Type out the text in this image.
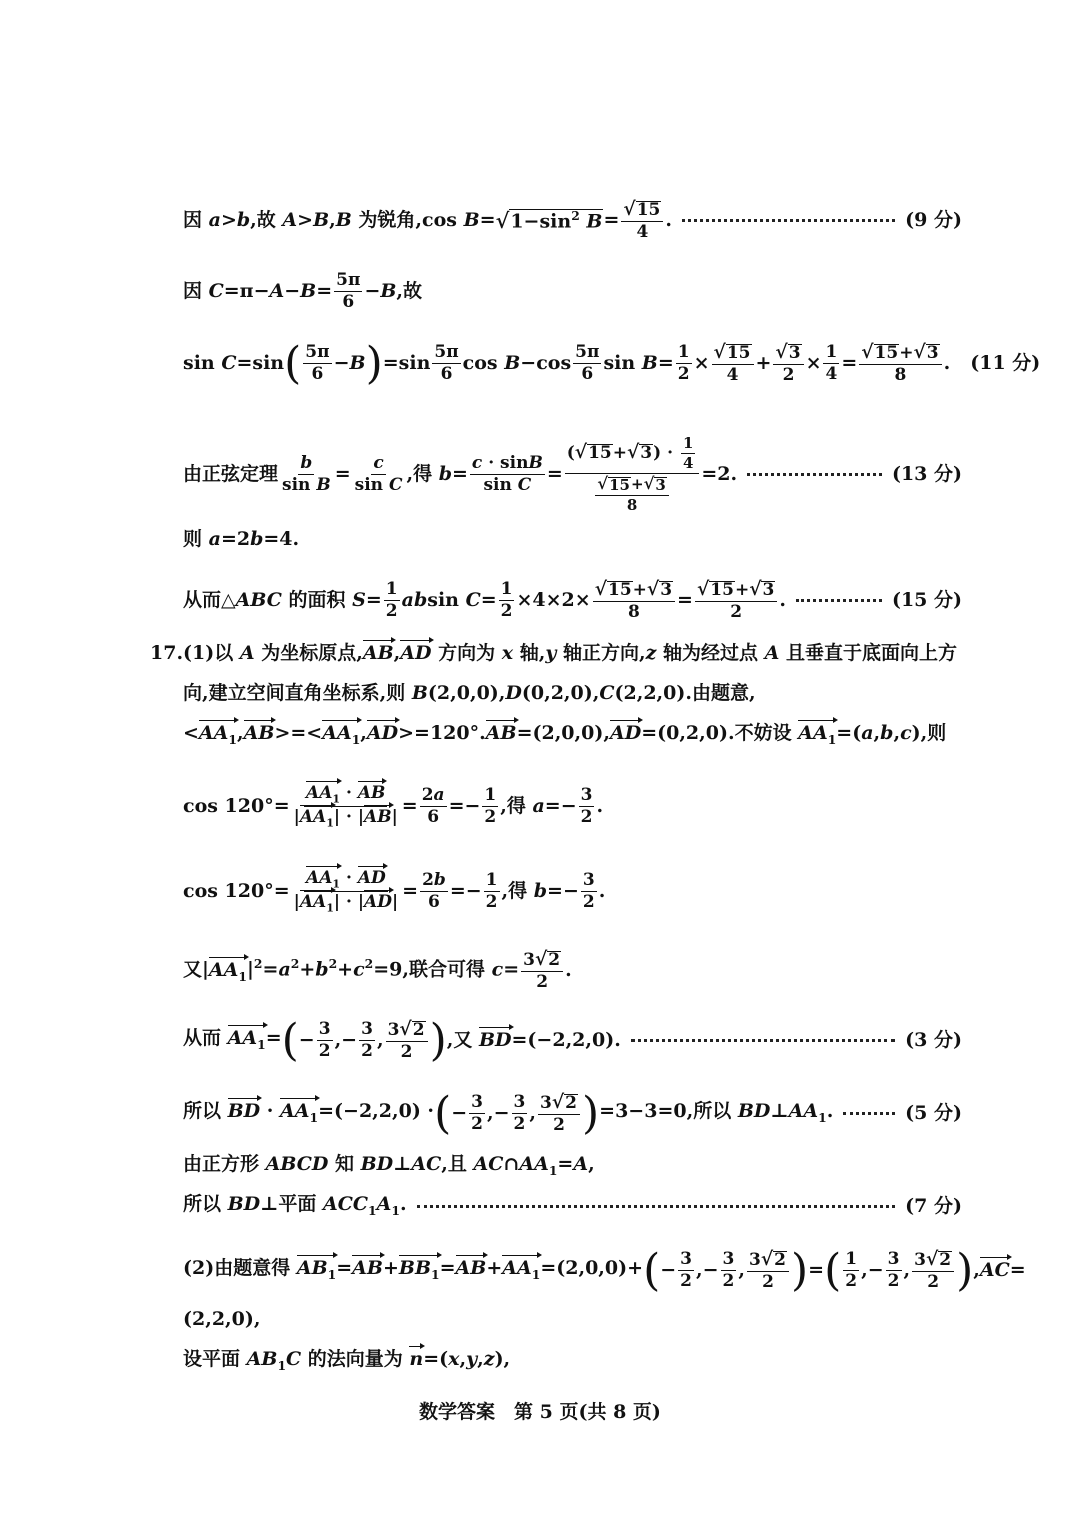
因 a>b,故 A>B,B 为锐角,cos B= √ $1-\sin^2$ $B = \frac{√ 15}{4}$ .	(9 分)
因 $C=\pi-A-B= \frac{5\pi}{6} -B$,故
sin C=sin ( $\frac{5\pi}{6} -B$ ) $=\sin \frac{5\pi}{6}$ $\cos B-\cos \frac{5\pi}{6}$ $\sin B= \frac{1}{2} \times \frac{√ 15}{4} + \frac{√ 3}{2} \times \frac{1}{4} = \frac{√ 15 + √ 3}{8}$ . (11 分)
由正弦定理 $\frac{b}{\text{sin B}} = \frac{c}{\text{sin C}}$ ,得 $b= \frac{c \cdot \sin B}{\text{sin C}} = \frac{( √ 15 + √ 3 ) \cdot \frac{1}{4}}{\frac{√ 15 + √ 3}{8}} =2$.	(13 分)
则 a=2b=4.
从而△ABC 的面积 $S= \frac{1}{2}$ absin $C= \frac{1}{2} \times 4\times 2\times \frac{√ 15 + √ 3}{8} = \frac{√ 15 + √ 3}{2}$ .	(15 分)
17.(1)以 A 为坐标原点,AB,AD 方向为 x 轴,y 轴正方向,z 轴为经过点 A 且垂直于底面向上方
向,建立空间直角坐标系,则 B(2,0,0),D(0,2,0),C(2,2,0).由题意,
$<AA_1,AB>=<AA_1,AD>=120^\circ.AB=(2,0,0),AD=(0,2,0)$.不妨设 $AA_1=(a,b,c)$,则
$\cos 120^\circ= \frac{AA_1 \cdot AB}{|AA_1| \cdot |AB|} = \frac{2a}{6} =- \frac{1}{2}$ ,得 $a=- \frac{3}{2}$ .
$\cos 120^\circ= \frac{AA_1 \cdot AD}{|AA_1| \cdot |AD|} = \frac{2b}{6} =- \frac{1}{2}$ ,得 $b=- \frac{3}{2}$ .
又$|AA_1|^2=a^2+b^2+c^2=9$,联合可得 $c= \frac{3 √ 2}{2}$ .
从而 $AA_1=$ ( − $\frac{3}{2}$ ,− $\frac{3}{2}$ , $\frac{3 √ 2}{2}$ ) ,又 BD=(−2,2,0).	(3 分)
所以 BD · $AA_1=(-2,2,0)$ · ( − $\frac{3}{2}$ ,− $\frac{3}{2}$ , $\frac{3 √ 2}{2}$ ) =3−3=0,所以 $BD\perp AA_1$.	(5 分)
由正方形 ABCD 知 BD⊥AC,且 $AC\cap AA_1=A$,
所以 BD⊥平面 $ACC_1A_1$.	(7 分)
(2)由题意得 $AB_1=AB+BB_1=AB+AA_1=(2,0,0)+$ ( − $\frac{3}{2}$ ,− $\frac{3}{2}$ , $\frac{3 √ 2}{2}$ ) = ( $\frac{1}{2}$ ,− $\frac{3}{2}$ , $\frac{3 √ 2}{2}$ ) ,AC=
(2,2,0),
设平面 $AB_1C$ 的法向量为 n=(x,y,z),
数学答案　第 5 页(共 8 页)
